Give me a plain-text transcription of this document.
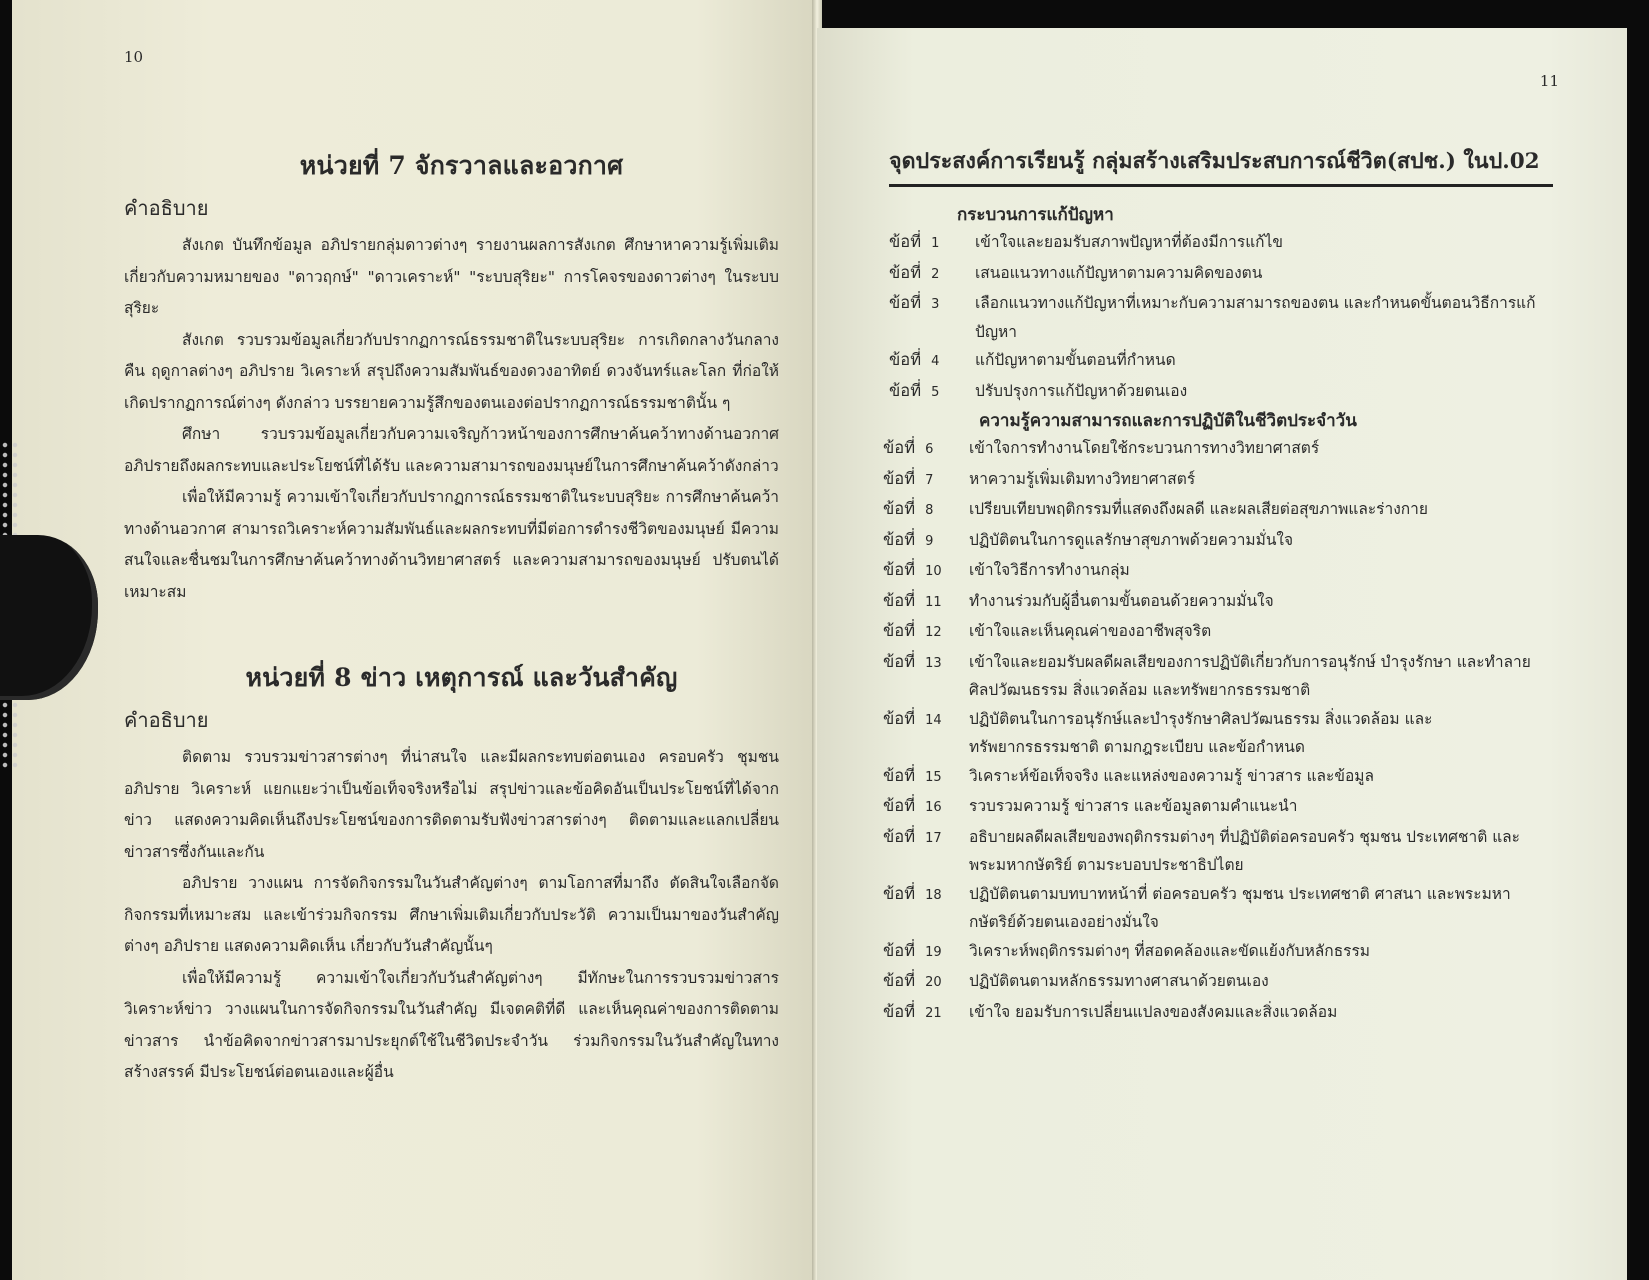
10
หน่วยที่ 7 จักรวาลและอวกาศ
คำอธิบาย

สังเกต บันทึกข้อมูล อภิปรายกลุ่มดาวต่างๆ รายงานผลการสังเกต ศึกษาหาความรู้เพิ่มเติมเกี่ยวกับความหมายของ "ดาวฤกษ์" "ดาวเคราะห์" "ระบบสุริยะ" การโคจรของดาวต่างๆ ในระบบสุริยะ

สังเกต รวบรวมข้อมูลเกี่ยวกับปรากฏการณ์ธรรมชาติในระบบสุริยะ การเกิดกลางวันกลางคืน ฤดูกาลต่างๆ อภิปราย วิเคราะห์ สรุปถึงความสัมพันธ์ของดวงอาทิตย์ ดวงจันทร์และโลก ที่ก่อให้เกิดปรากฏการณ์ต่างๆ ดังกล่าว บรรยายความรู้สึกของตนเองต่อปรากฏการณ์ธรรมชาตินั้น ๆ

ศึกษา รวบรวมข้อมูลเกี่ยวกับความเจริญก้าวหน้าของการศึกษาค้นคว้าทางด้านอวกาศ อภิปรายถึงผลกระทบและประโยชน์ที่ได้รับ และความสามารถของมนุษย์ในการศึกษาค้นคว้าดังกล่าว

เพื่อให้มีความรู้ ความเข้าใจเกี่ยวกับปรากฏการณ์ธรรมชาติในระบบสุริยะ การศึกษาค้นคว้าทางด้านอวกาศ สามารถวิเคราะห์ความสัมพันธ์และผลกระทบที่มีต่อการดำรงชีวิตของมนุษย์ มีความสนใจและชื่นชมในการศึกษาค้นคว้าทางด้านวิทยาศาสตร์ และความสามารถของมนุษย์ ปรับตนได้เหมาะสม

หน่วยที่ 8 ข่าว เหตุการณ์ และวันสำคัญ
คำอธิบาย

ติดตาม รวบรวมข่าวสารต่างๆ ที่น่าสนใจ และมีผลกระทบต่อตนเอง ครอบครัว ชุมชน อภิปราย วิเคราะห์ แยกแยะว่าเป็นข้อเท็จจริงหรือไม่ สรุปข่าวและข้อคิดอันเป็นประโยชน์ที่ได้จากข่าว แสดงความคิดเห็นถึงประโยชน์ของการติดตามรับฟังข่าวสารต่างๆ ติดตามและแลกเปลี่ยนข่าวสารซึ่งกันและกัน

อภิปราย วางแผน การจัดกิจกรรมในวันสำคัญต่างๆ ตามโอกาสที่มาถึง ตัดสินใจเลือกจัดกิจกรรมที่เหมาะสม และเข้าร่วมกิจกรรม ศึกษาเพิ่มเติมเกี่ยวกับประวัติ ความเป็นมาของวันสำคัญต่างๆ อภิปราย แสดงความคิดเห็น เกี่ยวกับวันสำคัญนั้นๆ

เพื่อให้มีความรู้ ความเข้าใจเกี่ยวกับวันสำคัญต่างๆ มีทักษะในการรวบรวมข่าวสาร วิเคราะห์ข่าว วางแผนในการจัดกิจกรรมในวันสำคัญ มีเจตคติที่ดี และเห็นคุณค่าของการติดตาม ข่าวสาร นำข้อคิดจากข่าวสารมาประยุกต์ใช้ในชีวิตประจำวัน ร่วมกิจกรรมในวันสำคัญในทางสร้างสรรค์ มีประโยชน์ต่อตนเองและผู้อื่น

11
จุดประสงค์การเรียนรู้ กลุ่มสร้างเสริมประสบการณ์ชีวิต(สปช.) ในป.02
กระบวนการแก้ปัญหา
ข้อที่ 1	เข้าใจและยอมรับสภาพปัญหาที่ต้องมีการแก้ไข
ข้อที่ 2	เสนอแนวทางแก้ปัญหาตามความคิดของตน
ข้อที่ 3	เลือกแนวทางแก้ปัญหาที่เหมาะกับความสามารถของตน และกำหนดขั้นตอนวิธีการแก้ปัญหา
ข้อที่ 4	แก้ปัญหาตามขั้นตอนที่กำหนด
ข้อที่ 5	ปรับปรุงการแก้ปัญหาด้วยตนเอง
ความรู้ความสามารถและการปฏิบัติในชีวิตประจำวัน
ข้อที่ 6	เข้าใจการทำงานโดยใช้กระบวนการทางวิทยาศาสตร์
ข้อที่ 7	หาความรู้เพิ่มเติมทางวิทยาศาสตร์
ข้อที่ 8	เปรียบเทียบพฤติกรรมที่แสดงถึงผลดี และผลเสียต่อสุขภาพและร่างกาย
ข้อที่ 9	ปฏิบัติตนในการดูแลรักษาสุขภาพด้วยความมั่นใจ
ข้อที่ 10	เข้าใจวิธีการทำงานกลุ่ม
ข้อที่ 11	ทำงานร่วมกับผู้อื่นตามขั้นตอนด้วยความมั่นใจ
ข้อที่ 12	เข้าใจและเห็นคุณค่าของอาชีพสุจริต
ข้อที่ 13	เข้าใจและยอมรับผลดีผลเสียของการปฏิบัติเกี่ยวกับการอนุรักษ์ บำรุงรักษา และทำลายศิลปวัฒนธรรม สิ่งแวดล้อม และทรัพยากรธรรมชาติ
ข้อที่ 14	ปฏิบัติตนในการอนุรักษ์และบำรุงรักษาศิลปวัฒนธรรม สิ่งแวดล้อม และทรัพยากรธรรมชาติ ตามกฎระเบียบ และข้อกำหนด
ข้อที่ 15	วิเคราะห์ข้อเท็จจริง และแหล่งของความรู้ ข่าวสาร และข้อมูล
ข้อที่ 16	รวบรวมความรู้ ข่าวสาร และข้อมูลตามคำแนะนำ
ข้อที่ 17	อธิบายผลดีผลเสียของพฤติกรรมต่างๆ ที่ปฏิบัติต่อครอบครัว ชุมชน ประเทศชาติ และพระมหากษัตริย์ ตามระบอบประชาธิปไตย
ข้อที่ 18	ปฏิบัติตนตามบทบาทหน้าที่ ต่อครอบครัว ชุมชน ประเทศชาติ ศาสนา และพระมหากษัตริย์ด้วยตนเองอย่างมั่นใจ
ข้อที่ 19	วิเคราะห์พฤติกรรมต่างๆ ที่สอดคล้องและขัดแย้งกับหลักธรรม
ข้อที่ 20	ปฏิบัติตนตามหลักธรรมทางศาสนาด้วยตนเอง
ข้อที่ 21	เข้าใจ ยอมรับการเปลี่ยนแปลงของสังคมและสิ่งแวดล้อม
